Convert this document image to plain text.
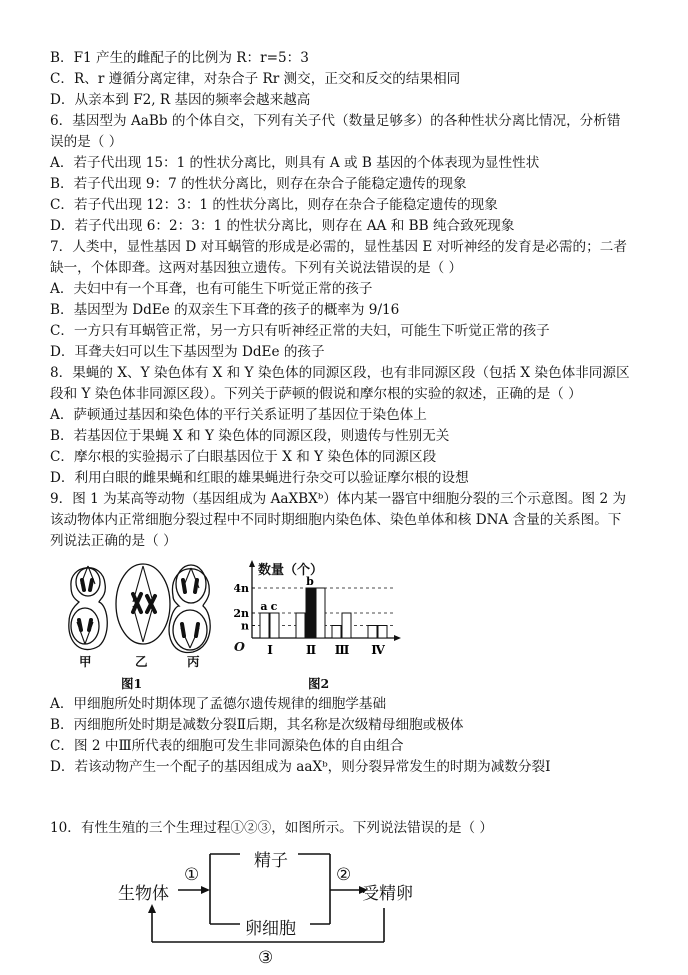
B．F1 产生的雌配子的比例为 R：r=5：3
C．R、r 遵循分离定律，对杂合子 Rr 测交，正交和反交的结果相同
D．从亲本到 F2, R 基因的频率会越来越高
6．基因型为 AaBb 的个体自交，下列有关子代（数量足够多）的各种性状分离比情况，分析错
误的是（ ）
A．若子代出现 15：1 的性状分离比，则具有 A 或 B 基因的个体表现为显性性状
B．若子代出现 9：7 的性状分离比，则存在杂合子能稳定遗传的现象
C．若子代出现 12：3：1 的性状分离比，则存在杂合子能稳定遗传的现象
D．若子代出现 6：2：3：1 的性状分离比，则存在 AA 和 BB 纯合致死现象
7．人类中，显性基因 D 对耳蜗管的形成是必需的，显性基因 E 对听神经的发育是必需的；二者
缺一，个体即聋。这两对基因独立遗传。下列有关说法错误的是（ ）
A．夫妇中有一个耳聋，也有可能生下听觉正常的孩子
B．基因型为 DdEe 的双亲生下耳聋的孩子的概率为 9/16
C．一方只有耳蜗管正常，另一方只有听神经正常的夫妇，可能生下听觉正常的孩子
D．耳聋夫妇可以生下基因型为 DdEe 的孩子
8．果蝇的 X、Y 染色体有 X 和 Y 染色体的同源区段，也有非同源区段（包括 X 染色体非同源区
段和 Y 染色体非同源区段）。下列关于萨顿的假说和摩尔根的实验的叙述，正确的是（ ）
A．萨顿通过基因和染色体的平行关系证明了基因位于染色体上
B．若基因位于果蝇 X 和 Y 染色体的同源区段，则遗传与性别无关
C．摩尔根的实验揭示了白眼基因位于 X 和 Y 染色体的同源区段
D．利用白眼的雌果蝇和红眼的雄果蝇进行杂交可以验证摩尔根的设想
9．图 1 为某高等动物（基因组成为 AaXBXᵇ）体内某一器官中细胞分裂的三个示意图。图 2 为
该动物体内正常细胞分裂过程中不同时期细胞内染色体、染色单体和核 DNA 含量的关系图。下
列说法正确的是（ ）
甲	乙	丙
图1
4n
2n
n
Ⅰ	Ⅱ Ⅲ Ⅳ
a c
b
数量（个）
O
图2
A．甲细胞所处时期体现了孟德尔遗传规律的细胞学基础
B．丙细胞所处时期是减数分裂Ⅱ后期，其名称是次级精母细胞或极体
C．图 2 中Ⅲ所代表的细胞可发生非同源染色体的自由组合
D．若该动物产生一个配子的基因组成为 aaXᵇ，则分裂异常发生的时期为减数分裂Ⅰ
10．有性生殖的三个生理过程①②③，如图所示。下列说法错误的是（ ）
生物体
精子
卵细胞
受精卵
①	②
③
